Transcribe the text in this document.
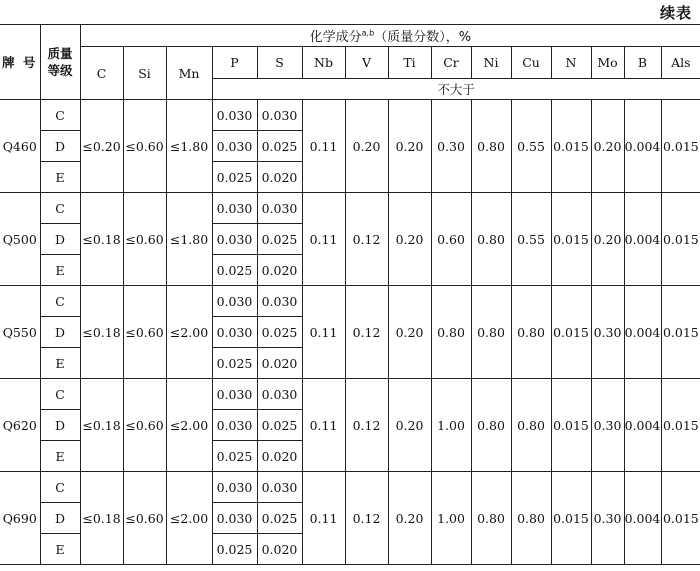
续表
牌 号	质量
等级	化学成分$^{a,b}$（质量分数），%															
		C	Si	Mn	P	S	Nb	V	Ti	Cr	Ni	Cu	N	Mo	B	Als	
					不大于	
Q460	C	≤0.20	≤0.60	≤1.80	0.030	0.030	0.11	0.20	0.20	0.30	0.80	0.55	0.015	0.20	0.004	0.015	
	D				0.030	0.025											
	E				0.025	0.020											
Q500	C	≤0.18	≤0.60	≤1.80	0.030	0.030	0.11	0.12	0.20	0.60	0.80	0.55	0.015	0.20	0.004	0.015	
	D				0.030	0.025											
	E				0.025	0.020											
Q550	C	≤0.18	≤0.60	≤2.00	0.030	0.030	0.11	0.12	0.20	0.80	0.80	0.80	0.015	0.30	0.004	0.015	
	D				0.030	0.025											
	E				0.025	0.020											
Q620	C	≤0.18	≤0.60	≤2.00	0.030	0.030	0.11	0.12	0.20	1.00	0.80	0.80	0.015	0.30	0.004	0.015	
	D				0.030	0.025											
	E				0.025	0.020											
Q690	C	≤0.18	≤0.60	≤2.00	0.030	0.030	0.11	0.12	0.20	1.00	0.80	0.80	0.015	0.30	0.004	0.015	
	D				0.030	0.025											
	E				0.025	0.020											
